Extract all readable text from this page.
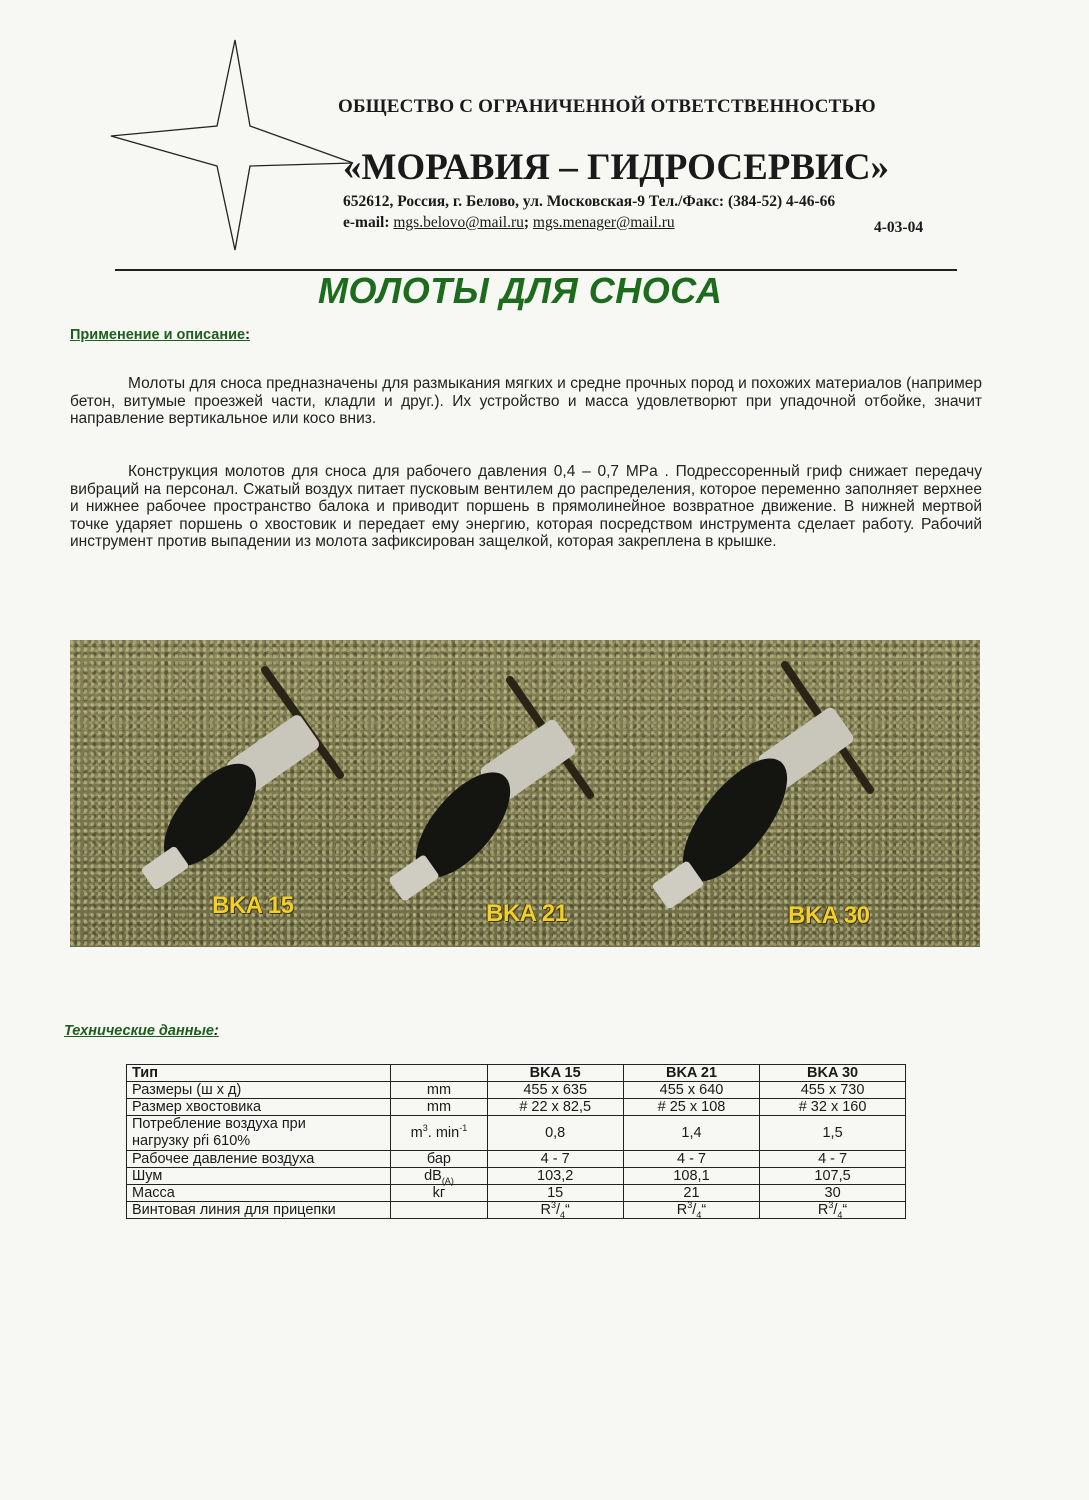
ОБЩЕСТВО С ОГРАНИЧЕННОЙ ОТВЕТСТВЕННОСТЬЮ
«МОРАВИЯ – ГИДРОСЕРВИС»
652612, Россия, г. Белово, ул. Московская-9 Тел./Факс: (384-52) 4-46-66
e-mail: mgs.belovo@mail.ru; mgs.menager@mail.ru	4-03-04
МОЛОТЫ ДЛЯ СНОСА
Применение и описание:
Молоты для сноса предназначены для размыкания мягких и средне прочных пород и похожих материалов (например бетон, витумые проезжей части, кладли и друг.). Их устройство и масса удовлетворют при упадочной отбойке, значит направление вертикальное или косо вниз.
Конструкция молотов для сноса для рабочего давления 0,4 – 0,7 MPa . Подрессоренный гриф снижает передачу вибраций на персонал. Сжатый воздух питает пусковым вентилем до распределения, которое переменно заполняет верхнее и нижнее рабочее пространство балока и приводит поршень в прямолинейное возвратное движение. В нижней мертвой точке ударяет поршень о хвостовик и передает ему энергию, которая посредством инструмента сделает работу. Рабочий инструмент против выпадении из молота зафиксирован защелкой, которая закреплена в крышке.
BKA 15	BKA 21	BKA 30
Технические данные:
Тип		BKA 15	BKA 21	BKA 30
Размеры (ш x д)	mm	455 x 635	455 x 640	455 x 730
Размер хвостовика	mm	# 22 x 82,5	# 25 x 108	# 32 x 160

Потребление воздуха при
нагрузку pŕi 610%	$m^3$. $\min^{-1}$	0,8	1,4	1,5
Рабочее давление воздуха	бар	4 - 7	4 - 7	4 - 7
Шум	$dB_{(A)}$	103,2	108,1	107,5
Масса	kг	15	21	30
Винтовая линия для прицепки		$R^3/_4“$	$R^3/_4“$	$R^3/_4“$
